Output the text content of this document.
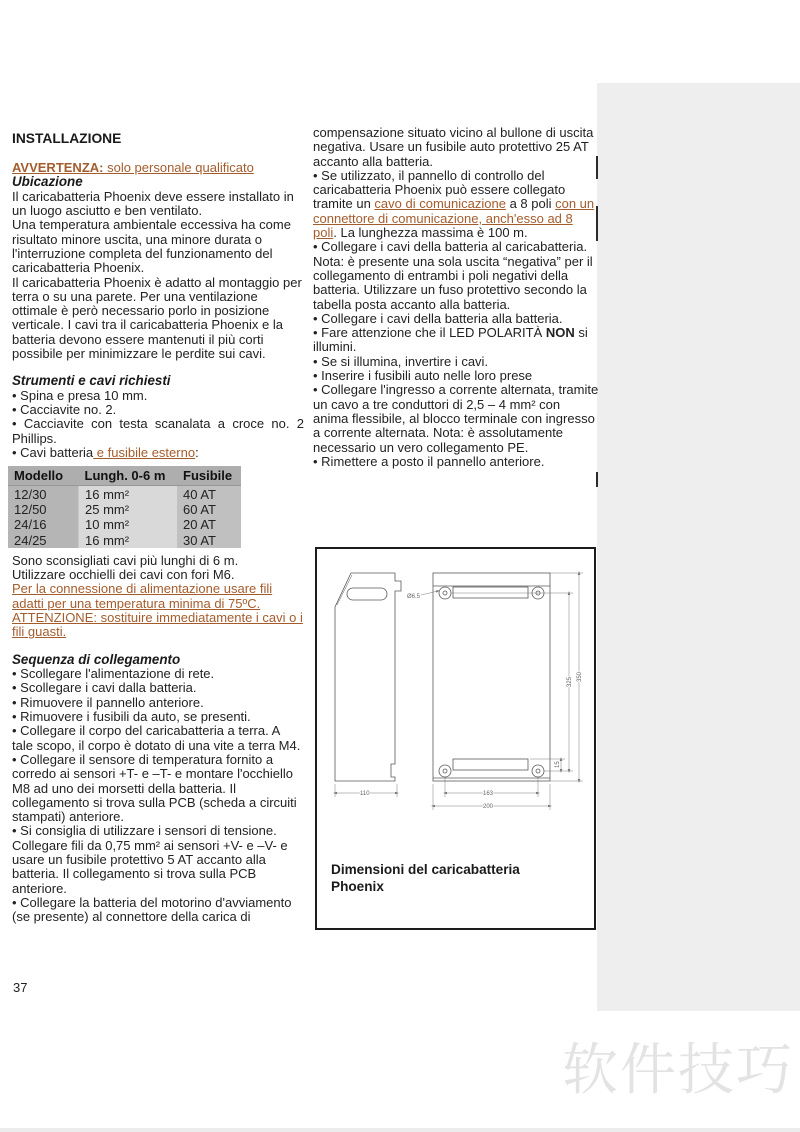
INSTALLAZIONE

AVVERTENZA: solo personale qualificato

Ubicazione

Il caricabatteria Phoenix deve essere installato in un luogo asciutto e ben ventilato.

Una temperatura ambientale eccessiva ha come risultato minore uscita, una minore durata o l'interruzione completa del funzionamento del caricabatteria Phoenix.

Il caricabatteria Phoenix è adatto al montaggio per terra o su una parete. Per una ventilazione ottimale è però necessario porlo in posizione verticale. I cavi tra il caricabatteria Phoenix e la batteria devono essere mantenuti il più corti possibile per minimizzare le perdite sui cavi.

Strumenti e cavi richiesti

• Spina e presa 10 mm.

• Cacciavite no. 2.

• Cacciavite con testa scanalata a croce no. 2 Phillips.

• Cavi batteria e fusibile esterno:

Modello	Lungh. 0-6 m	Fusibile
12/30	16 mm²	40 AT
12/50	25 mm²	60 AT
24/16	10 mm²	20 AT
24/25	16 mm²	30 AT

Sono sconsigliati cavi più lunghi di 6 m.

Utilizzare occhielli dei cavi con fori M6.

Per la connessione di alimentazione usare fili adatti per una temperatura minima di 75ºC. ATTENZIONE: sostituire immediatamente i cavi o i fili guasti.

Sequenza di collegamento

• Scollegare l'alimentazione di rete.

• Scollegare i cavi dalla batteria.

• Rimuovere il pannello anteriore.

• Rimuovere i fusibili da auto, se presenti.

• Collegare il corpo del caricabatteria a terra. A tale scopo, il corpo è dotato di una vite a terra M4.

• Collegare il sensore di temperatura fornito a corredo ai sensori +T- e –T- e montare l'occhiello M8 ad uno dei morsetti della batteria. Il collegamento si trova sulla PCB (scheda a circuiti stampati) anteriore.

• Si consiglia di utilizzare i sensori di tensione. Collegare fili da 0,75 mm² ai sensori +V- e –V- e usare un fusibile protettivo 5 AT accanto alla batteria. Il collegamento si trova sulla PCB anteriore.

• Collegare la batteria del motorino d'avviamento (se presente) al connettore della carica di

37

compensazione situato vicino al bullone di uscita negativa. Usare un fusibile auto protettivo 25 AT accanto alla batteria.

• Se utilizzato, il pannello di controllo del caricabatteria Phoenix può essere collegato tramite un cavo di comunicazione a 8 poli con un connettore di comunicazione, anch'esso ad 8 poli. La lunghezza massima è 100 m.

• Collegare i cavi della batteria al caricabatteria. Nota: è presente una sola uscita “negativa” per il collegamento di entrambi i poli negativi della batteria. Utilizzare un fuso protettivo secondo la tabella posta accanto alla batteria.

• Collegare i cavi della batteria alla batteria.

• Fare attenzione che il LED POLARITÀ NON si illumini.

• Se si illumina, invertire i cavi.

• Inserire i fusibili auto nelle loro prese

• Collegare l'ingresso a corrente alternata, tramite un cavo a tre conduttori di 2,5 – 4 mm² con anima flessibile, al blocco terminale con ingresso a corrente alternata. Nota: è assolutamente necessario un vero collegamento PE.

• Rimettere a posto il pannello anteriore.

110	163
200
Ø6.5
325 350
15
Dimensioni del caricabatteria Phoenix
软件技巧
